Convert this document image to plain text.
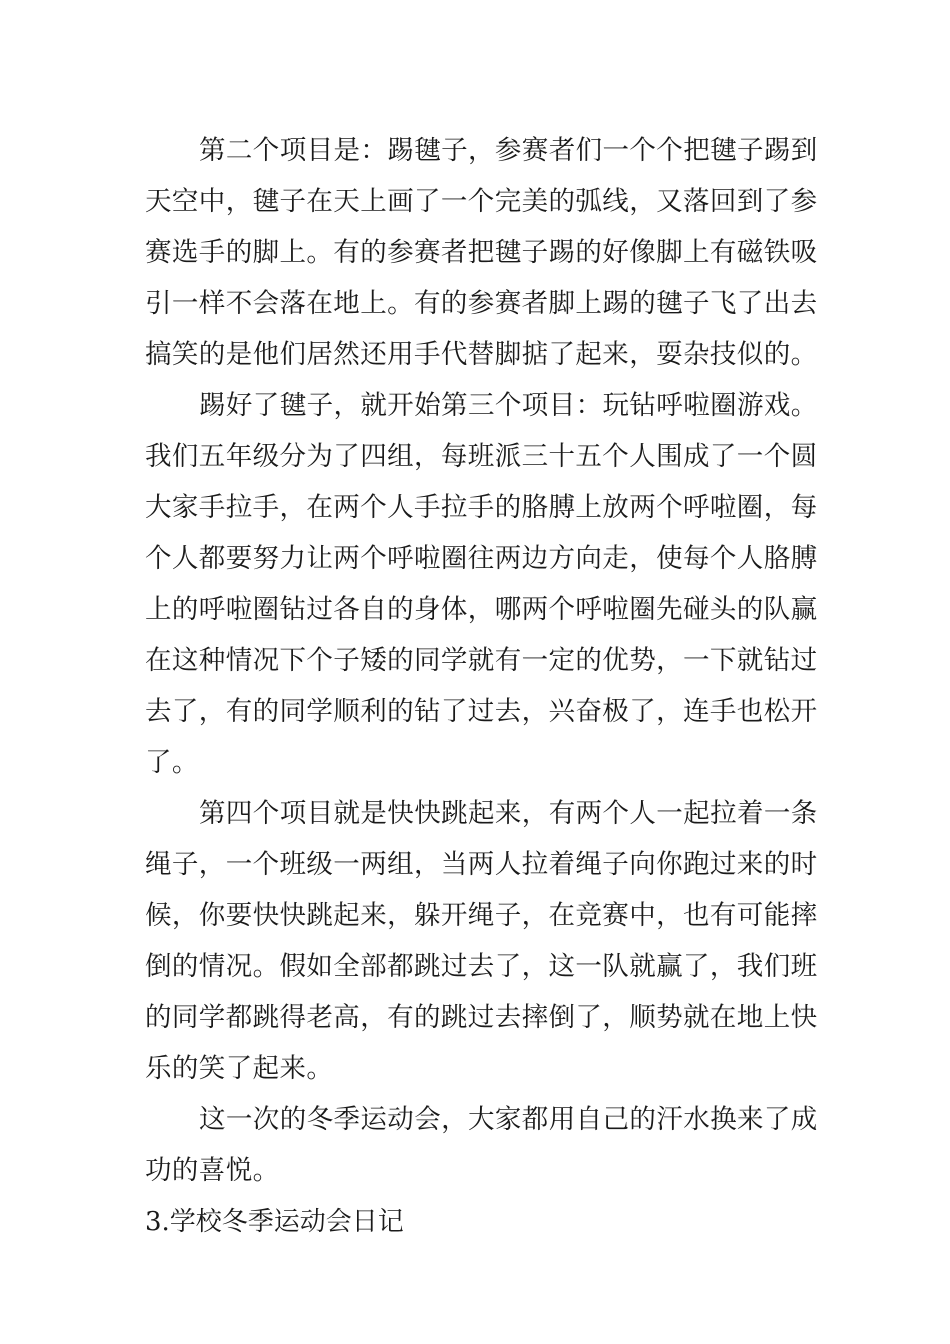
第二个项目是：踢毽子，参赛者们一个个把毽子踢到
天空中，毽子在天上画了一个完美的弧线，又落回到了参
赛选手的脚上。有的参赛者把毽子踢的好像脚上有磁铁吸
引一样不会落在地上。有的参赛者脚上踢的毽子飞了出去
搞笑的是他们居然还用手代替脚掂了起来，耍杂技似的。
踢好了毽子，就开始第三个项目：玩钻呼啦圈游戏。
我们五年级分为了四组，每班派三十五个人围成了一个圆
大家手拉手，在两个人手拉手的胳膊上放两个呼啦圈，每
个人都要努力让两个呼啦圈往两边方向走，使每个人胳膊
上的呼啦圈钻过各自的身体，哪两个呼啦圈先碰头的队赢
在这种情况下个子矮的同学就有一定的优势，一下就钻过
去了，有的同学顺利的钻了过去，兴奋极了，连手也松开
了。
第四个项目就是快快跳起来，有两个人一起拉着一条
绳子，一个班级一两组，当两人拉着绳子向你跑过来的时
候，你要快快跳起来，躲开绳子，在竞赛中，也有可能摔
倒的情况。假如全部都跳过去了，这一队就赢了，我们班
的同学都跳得老高，有的跳过去摔倒了，顺势就在地上快
乐的笑了起来。
这一次的冬季运动会，大家都用自己的汗水换来了成
功的喜悦。
3.学校冬季运动会日记
